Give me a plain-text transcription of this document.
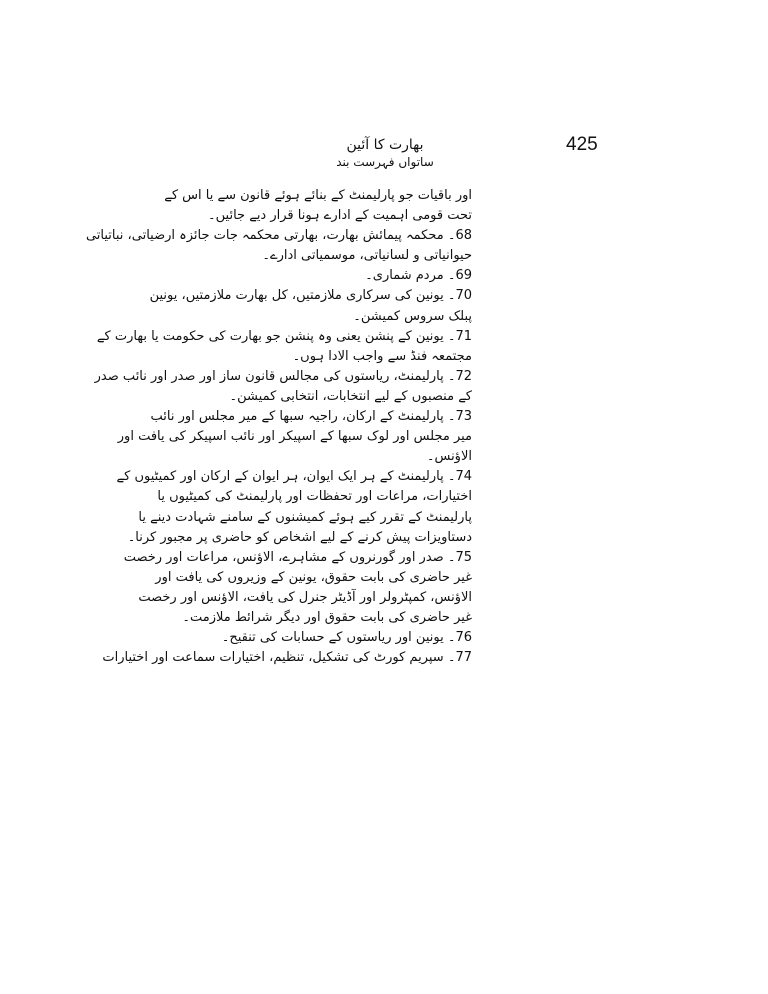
425
بھارت کا آئین
ساتواں فہرست بند
اور باقیات جو پارلیمنٹ کے بنائے ہوئے قانون سے یا اس کے
تحت قومی اہمیت کے ادارے ہونا قرار دیے جائیں۔
68۔ محکمہ پیمائش بھارت، بھارتی محکمہ جات جائزہ ارضیاتی، نباتیاتی
حیوانیاتی و لسانیاتی، موسمیاتی ادارے۔
69۔ مردم شماری۔
70۔ یونین کی سرکاری ملازمتیں، کل بھارت ملازمتیں، یونین
پبلک سروس کمیشن۔
71۔ یونین کے پنشن یعنی وہ پنشن جو بھارت کی حکومت یا بھارت کے
مجتمعہ فنڈ سے واجب الادا ہوں۔
72۔ پارلیمنٹ، ریاستوں کی مجالس قانون ساز اور صدر اور نائب صدر
کے منصبوں کے لیے انتخابات، انتخابی کمیشن۔
73۔ پارلیمنٹ کے ارکان، راجیہ سبھا کے میر مجلس اور نائب
میر مجلس اور لوک سبھا کے اسپیکر اور نائب اسپیکر کی یافت اور
الاؤنس۔
74۔ پارلیمنٹ کے ہر ایک ایوان، ہر ایوان کے ارکان اور کمیٹیوں کے
اختیارات، مراعات اور تحفظات اور پارلیمنٹ کی کمیٹیوں یا
پارلیمنٹ کے تقرر کیے ہوئے کمیشنوں کے سامنے شہادت دینے یا
دستاویزات پیش کرنے کے لیے اشخاص کو حاضری پر مجبور کرنا۔
75۔ صدر اور گورنروں کے مشاہرے، الاؤنس، مراعات اور رخصت
غیر حاضری کی بابت حقوق، یونین کے وزیروں کی یافت اور
الاؤنس، کمپٹرولر اور آڈیٹر جنرل کی یافت، الاؤنس اور رخصت
غیر حاضری کی بابت حقوق اور دیگر شرائط ملازمت۔
76۔ یونین اور ریاستوں کے حسابات کی تنقیح۔
77۔ سپریم کورٹ کی تشکیل، تنظیم، اختیارات سماعت اور اختیارات
